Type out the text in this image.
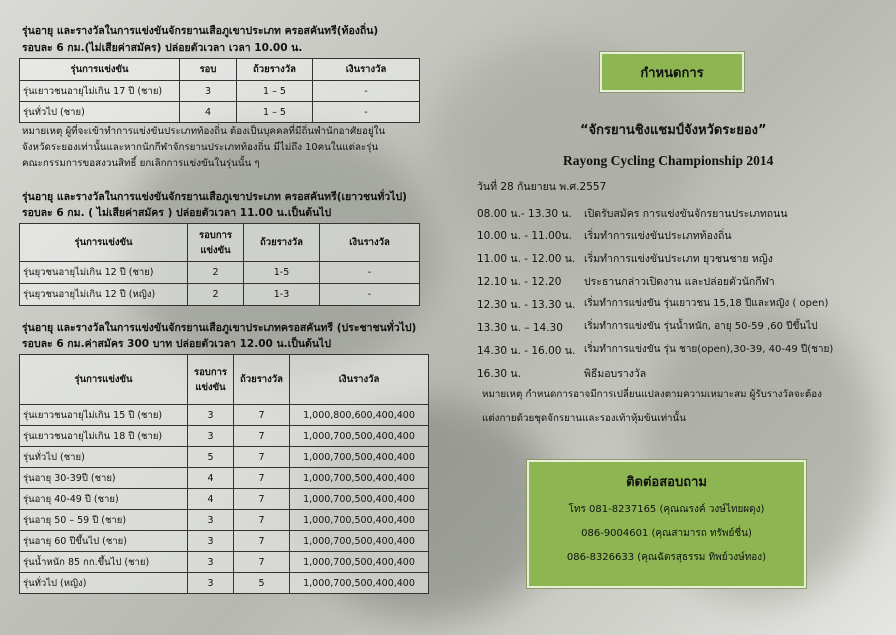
รุ่นอายุ และรางวัลในการแข่งขันจักรยานเสือภูเขาประเภท ครอสคันทรี(ท้องถิ่น)
รอบละ 6 กม.(ไม่เสียค่าสมัคร) ปล่อยตัวเวลา เวลา 10.00 น.
รุ่นการแข่งขัน	รอบ	ถ้วยรางวัล	เงินรางวัล
รุ่นเยาวชนอายุไม่เกิน 17 ปี (ชาย)	3	1 – 5	-
รุ่นทั่วไป (ชาย)	4	1 – 5	-
หมายเหตุ ผู้ที่จะเข้าทำการแข่งขันประเภทท้องถิ่น ต้องเป็นบุคคลที่มีถิ่นพำนักอาศัยอยู่ใน
จังหวัดระยองเท่านั้นและหากนักกีฬาจักรยานประเภทท้องถิ่น มีไม่ถึง 10คนในแต่ละรุ่น
คณะกรรมการขอสงวนสิทธิ์ ยกเลิกการแข่งขันในรุ่นนั้น ๆ
รุ่นอายุ และรางวัลในการแข่งขันจักรยานเสือภูเขาประเภท ครอสคันทรี(เยาวชนทั่วไป)
รอบละ 6 กม. ( ไม่เสียค่าสมัคร ) ปล่อยตัวเวลา 11.00 น.เป็นต้นไป
รุ่นการแข่งขัน	รอบการแข่งขัน	ถ้วยรางวัล	เงินรางวัล
รุ่นยุวชนอายุไม่เกิน 12 ปี (ชาย)	2	1-5	-
รุ่นยุวชนอายุไม่เกิน 12 ปี (หญิง)	2	1-3	-
รุ่นอายุ และรางวัลในการแข่งขันจักรยานเสือภูเขาประเภทครอสคันทรี (ประชาชนทั่วไป)
รอบละ 6 กม.ค่าสมัคร 300 บาท ปล่อยตัวเวลา 12.00 น.เป็นต้นไป
รุ่นการแข่งขัน	รอบการแข่งขัน	ถ้วยรางวัล	เงินรางวัล
รุ่นเยาวชนอายุไม่เกิน 15 ปี (ชาย)	3	7	1,000,800,600,400,400
รุ่นเยาวชนอายุไม่เกิน 18 ปี (ชาย)	3	7	1,000,700,500,400,400
รุ่นทั่วไป (ชาย)	5	7	1,000,700,500,400,400
รุ่นอายุ 30-39ปี (ชาย)	4	7	1,000,700,500,400,400
รุ่นอายุ 40-49 ปี (ชาย)	4	7	1,000,700,500,400,400
รุ่นอายุ 50 – 59 ปี (ชาย)	3	7	1,000,700,500,400,400
รุ่นอายุ 60 ปีขึ้นไป (ชาย)	3	7	1,000,700,500,400,400
รุ่นน้ำหนัก 85 กก.ขึ้นไป (ชาย)	3	7	1,000,700,500,400,400
รุ่นทั่วไป (หญิง)	3	5	1,000,700,500,400,400
กำหนดการ
“จักรยานชิงแชมป์จังหวัดระยอง”
Rayong Cycling Championship 2014
วันที่ 28 กันยายน พ.ศ.2557
08.00 น.- 13.30 น.	เปิดรับสมัคร การแข่งขันจักรยานประเภทถนน
10.00 น. - 11.00น.	เริ่มทำการแข่งขันประเภทท้องถิ่น
11.00 น. - 12.00 น. เริ่มทำการแข่งขันประเภท ยุวชนชาย หญิง
12.10 น. - 12.20	ประธานกล่าวเปิดงาน และปล่อยตัวนักกีฬา
12.30 น. - 13.30 น. เริ่มทำการแข่งขัน รุ่นเยาวชน 15,18 ปีและหญิง ( open)
13.30 น. – 14.30	เริ่มทำการแข่งขัน รุ่นน้ำหนัก, อายุ 50-59 ,60 ปีขึ้นไป
14.30 น. - 16.00 น. เริ่มทำการแข่งขัน รุ่น ชาย(open),30-39, 40-49 ปี(ชาย)
16.30 น.	พิธีมอบรางวัล
หมายเหตุ กำหนดการอาจมีการเปลี่ยนแปลงตามความเหมาะสม ผู้รับรางวัลจะต้อง
แต่งกายด้วยชุดจักรยานและรองเท้าหุ้มข้นเท่านั้น
ติดต่อสอบถาม
โทร 081-8237165 (คุณณรงค์ วงษ์ไทยผดุง)
086-9004601 (คุณสามารถ ทรัพย์ชื่น)
086-8326633 (คุณฉัตรสุธรรม ทิพย์วงษ์ทอง)
